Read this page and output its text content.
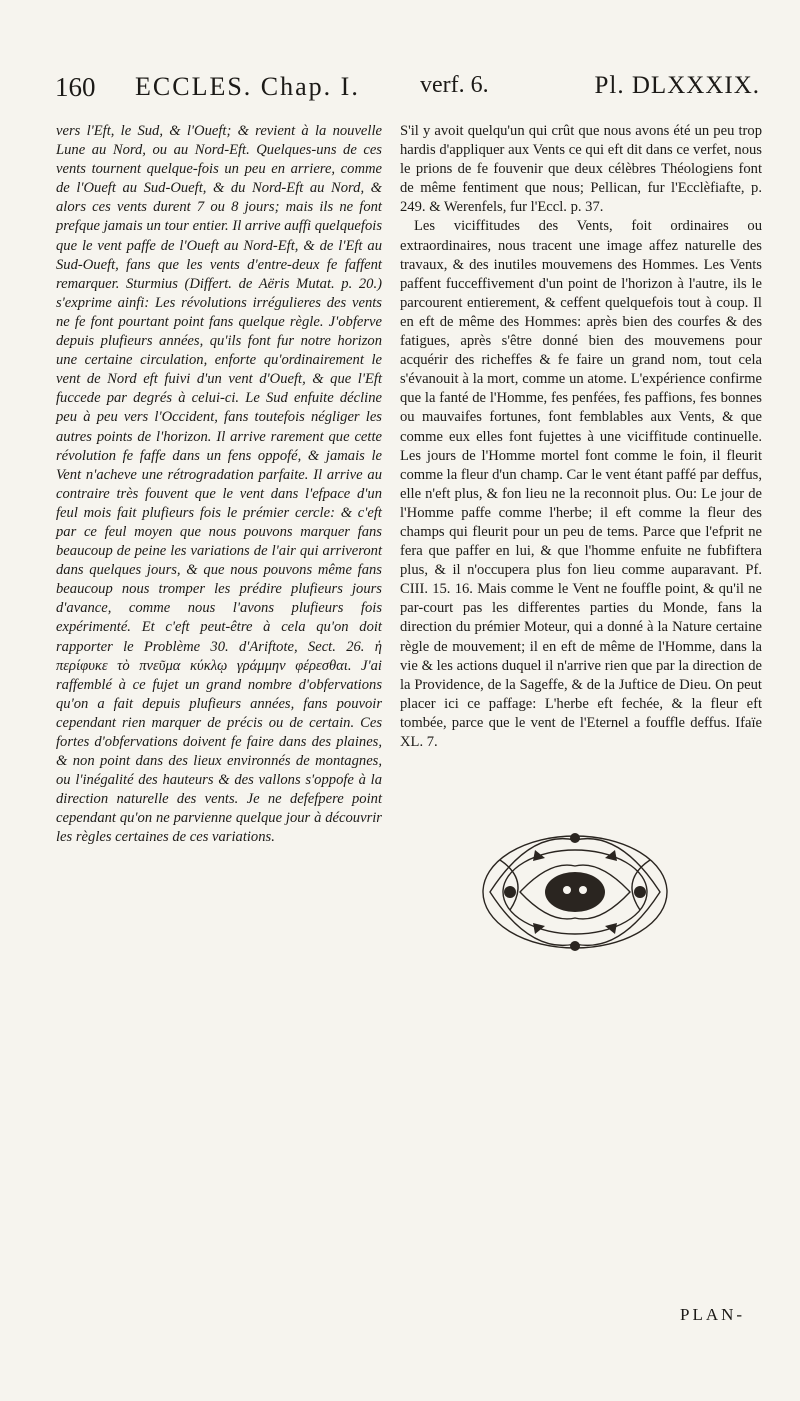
160 ECCLES. Chap. I.	verf. 6.	Pl. DLXXXIX.

vers l'Eft, le Sud, & l'Oueft; & revient à la nouvelle Lune au Nord, ou au Nord-Eft. Quelques-uns de ces vents tournent quelque-fois un peu en arriere, comme de l'Oueft au Sud-Oueft, & du Nord-Eft au Nord, & alors ces vents durent 7 ou 8 jours; mais ils ne font prefque jamais un tour entier. Il arrive auffi quelquefois que le vent paffe de l'Oueft au Nord-Eft, & de l'Eft au Sud-Oueft, fans que les vents d'entre-deux fe faffent remarquer. Sturmius (Differt. de Aëris Mutat. p. 20.) s'exprime ainfi: Les révolutions irrégulieres des vents ne fe font pourtant point fans quelque règle. J'obferve depuis plufieurs années, qu'ils font fur notre horizon une certaine circulation, enforte qu'ordinairement le vent de Nord eft fuivi d'un vent d'Oueft, & que l'Eft fuccede par degrés à celui-ci. Le Sud enfuite décline peu à peu vers l'Occident, fans toutefois négliger les autres points de l'horizon. Il arrive rarement que cette révolution fe faffe dans un fens oppofé, & jamais le Vent n'acheve une rétrogradation parfaite. Il arrive au contraire très fouvent que le vent dans l'efpace d'un feul mois fait plufieurs fois le prémier cercle: & c'eft par ce feul moyen que nous pouvons marquer fans beaucoup de peine les variations de l'air qui arriveront dans quelques jours, & que nous pouvons même fans beaucoup nous tromper les prédire plufieurs jours d'avance, comme nous l'avons plufieurs fois expérimenté. Et c'eft peut-être à cela qu'on doit rapporter le Problème 30. d'Ariftote, Sect. 26. ἡ περίφυκε τὸ πνεῦμα κύκλῳ γράμμην φέρεσθαι. J'ai raffemblé à ce fujet un grand nombre d'obfervations qu'on a fait depuis plufieurs années, fans pouvoir cependant rien marquer de précis ou de certain. Ces fortes d'obfervations doivent fe faire dans des plaines, & non point dans des lieux environnés de montagnes, ou l'inégalité des hauteurs & des vallons s'oppofe à la direction naturelle des vents. Je ne defefpere point cependant qu'on ne parvienne quelque jour à découvrir les règles certaines de ces variations.

S'il y avoit quelqu'un qui crût que nous avons été un peu trop hardis d'appliquer aux Vents ce qui eft dit dans ce verfet, nous le prions de fe fouvenir que deux célèbres Théologiens font de même fentiment que nous; Pellican, fur l'Ecclèfiafte, p. 249. & Werenfels, fur l'Eccl. p. 37.

Les viciffitudes des Vents, foit ordinaires ou extraordinaires, nous tracent une image affez naturelle des travaux, & des inutiles mouvemens des Hommes. Les Vents paffent fucceffivement d'un point de l'horizon à l'autre, ils le parcourent entierement, & ceffent quelquefois tout à coup. Il en eft de même des Hommes: après bien des courfes & des fatigues, après s'être donné bien des mouvemens pour acquérir des richeffes & fe faire un grand nom, tout cela s'évanouit à la mort, comme un atome. L'expérience confirme que la fanté de l'Homme, fes penfées, fes paffions, fes bonnes ou mauvaifes fortunes, font femblables aux Vents, & que comme eux elles font fujettes à une viciffitude continuelle. Les jours de l'Homme mortel font comme le foin, il fleurit comme la fleur d'un champ. Car le vent étant paffé par deffus, elle n'eft plus, & fon lieu ne la reconnoit plus. Ou: Le jour de l'Homme paffe comme l'herbe; il eft comme la fleur des champs qui fleurit pour un peu de tems. Parce que l'efprit ne fera que paffer en lui, & que l'homme enfuite ne fubfiftera plus, & il n'occupera plus fon lieu comme auparavant. Pf. CIII. 15. 16. Mais comme le Vent ne fouffle point, & qu'il ne par-court pas les differentes parties du Monde, fans la direction du prémier Moteur, qui a donné à la Nature certaine règle de mouvement; il en eft de même de l'Homme, dans la vie & les actions duquel il n'arrive rien que par la direction de la Providence, de la Sageffe, & de la Juftice de Dieu. On peut placer ici ce paffage: L'herbe eft fechée, & la fleur eft tombée, parce que le vent de l'Eternel a fouffle deffus. Ifaïe XL. 7.

PLAN-
